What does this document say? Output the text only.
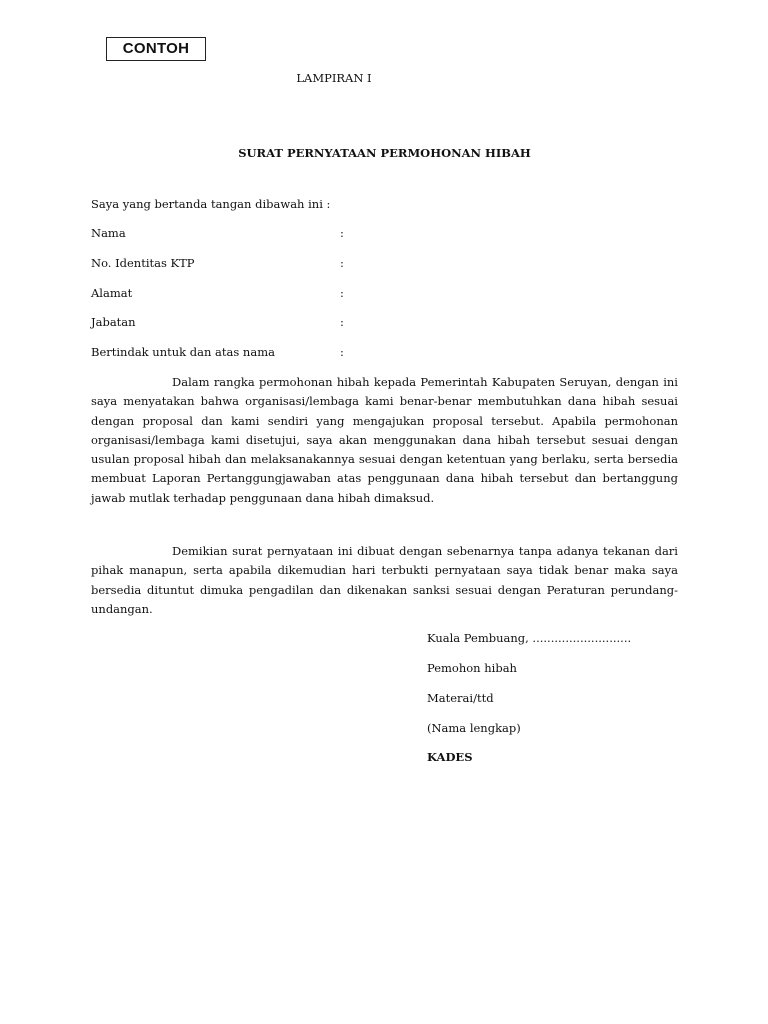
CONTOH
LAMPIRAN I
SURAT PERNYATAAN PERMOHONAN HIBAH
Saya yang bertanda tangan dibawah ini :
Nama	:
No. Identitas KTP	:
Alamat	:
Jabatan	:
Bertindak untuk dan atas nama	:

Dalam rangka permohonan hibah kepada Pemerintah Kabupaten Seruyan, dengan ini saya menyatakan bahwa organisasi/lembaga kami benar-benar membutuhkan dana hibah sesuai dengan proposal dan kami sendiri yang mengajukan proposal tersebut. Apabila permohonan organisasi/lembaga kami disetujui, saya akan menggunakan dana hibah tersebut sesuai dengan usulan proposal hibah dan melaksanakannya sesuai dengan ketentuan yang berlaku, serta bersedia membuat Laporan Pertanggungjawaban atas penggunaan dana hibah tersebut dan bertanggung jawab mutlak terhadap penggunaan dana hibah dimaksud.

Demikian surat pernyataan ini dibuat dengan sebenarnya tanpa adanya tekanan dari pihak manapun, serta apabila dikemudian hari terbukti pernyataan saya tidak benar maka saya bersedia dituntut dimuka pengadilan dan dikenakan sanksi sesuai dengan Peraturan perundang-undangan.

Kuala Pembuang, ...........................
Pemohon hibah
Materai/ttd
(Nama lengkap)
KADES
